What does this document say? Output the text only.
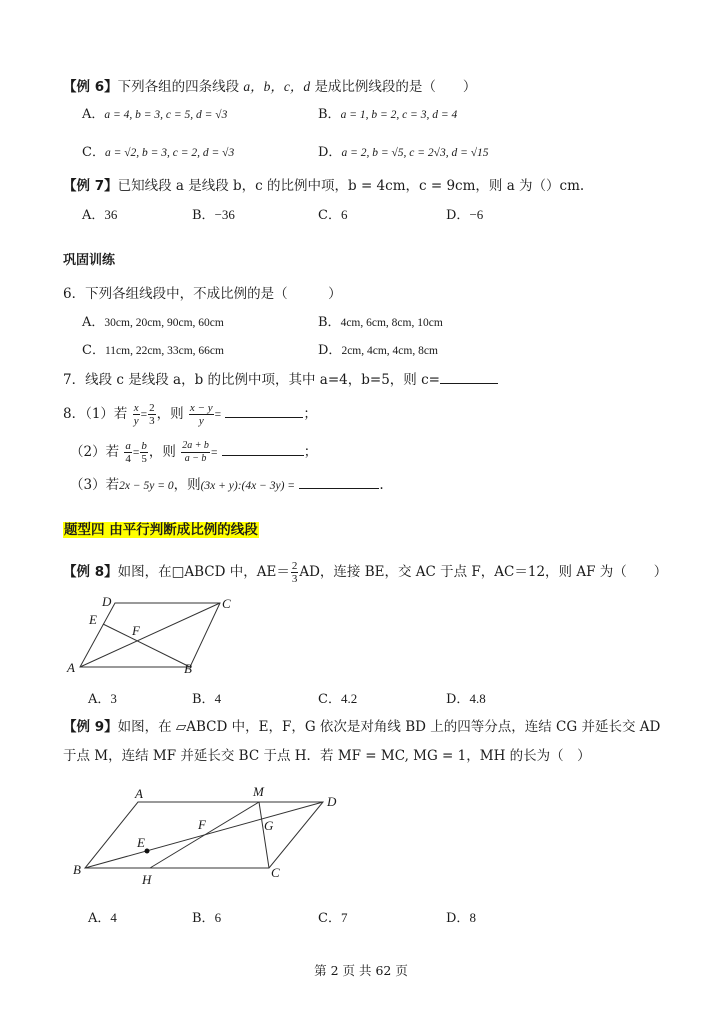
【例 6】下列各组的四条线段 a，b，c，d 是成比例线段的是（　　）
A．a = 4, b = 3, c = 5, d = √3	B．a = 1, b = 2, c = 3, d = 4
C．a = √2, b = 3, c = 2, d = √3	D．a = 2, b = √5, c = 2√3, d = √15
【例 7】已知线段 a 是线段 b，c 的比例中项，b = 4cm，c = 9cm，则 a 为（）cm.
A．36	B．−36	C．6	D．−6
巩固训练
6．下列各组线段中，不成比例的是（　　　）
A．30cm, 20cm, 90cm, 60cm	B．4cm, 6cm, 8cm, 10cm
C．11cm, 22cm, 33cm, 66cm	D．2cm, 4cm, 4cm, 8cm
7．线段 c 是线段 a，b 的比例中项，其中 a=4，b=5，则 c=
8．（1）若 $\frac{x}{y} = \frac{2}{3}$ ，则 $\frac{x - y}{y}$ =	；
（2）若 $\frac{a}{4} = \frac{b}{5}$ ，则 $\frac{2a + b}{a - b}$ =	；
（3）若2x − 5y = 0，则(3x + y):(4x − 3y) =	.
题型四 由平行判断成比例的线段
【例 8】如图，在□ABCD 中，$AE= \frac{2}{3}$ AD，连接 BE，交 AC 于点 F，AC＝12，则 AF 为（　　）
D	C
E
F
A	B
A．3	B．4	C．4.2	D．4.8
【例 9】如图，在 ▱ABCD 中，E，F，G 依次是对角线 BD 上的四等分点，连结 CG 并延长交 AD
于点 M，连结 MF 并延长交 BC 于点 H．若 MF = MC, MG = 1，MH 的长为（　）
A	M
D
F	G
E
B
H	C
A．4	B．6	C．7	D．8
第 2 页 共 62 页
